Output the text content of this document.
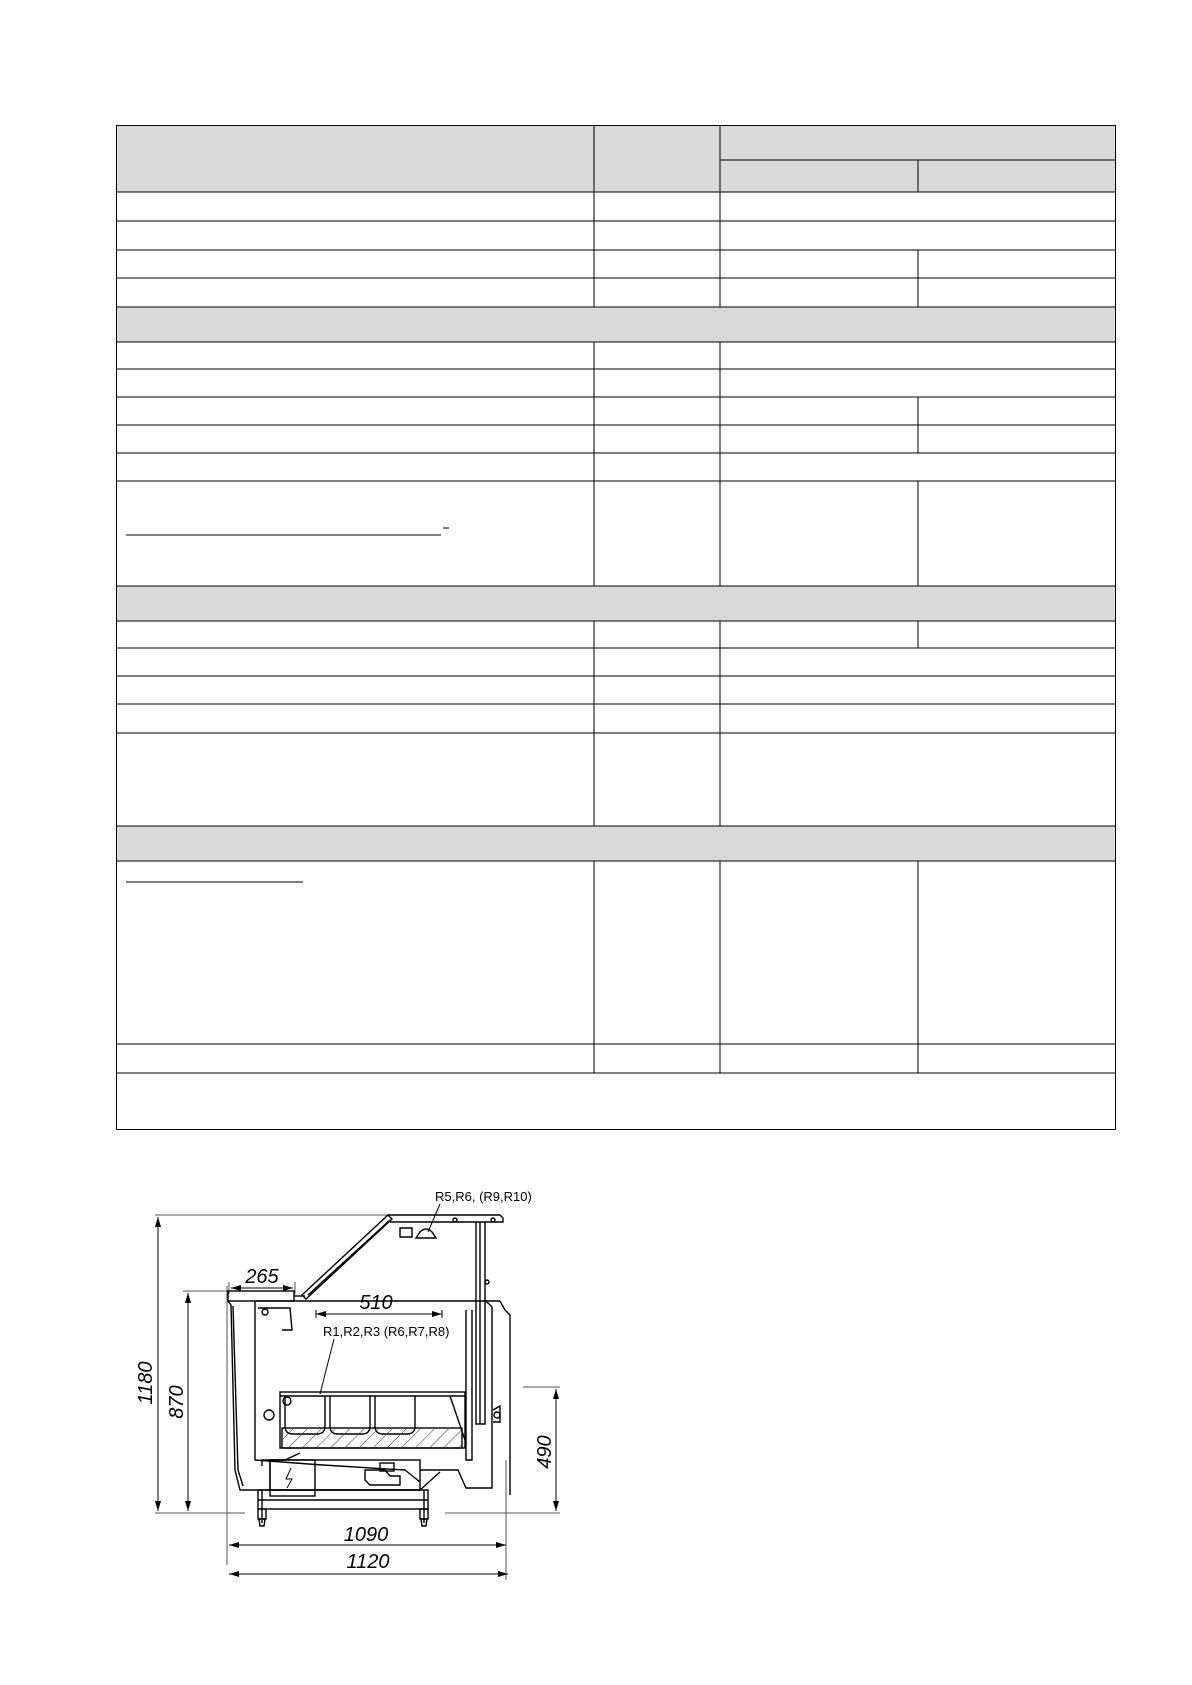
265
510
1120
1090
1180 870
490
R5,R6, (R9,R10)
R1,R2,R3 (R6,R7,R8)
